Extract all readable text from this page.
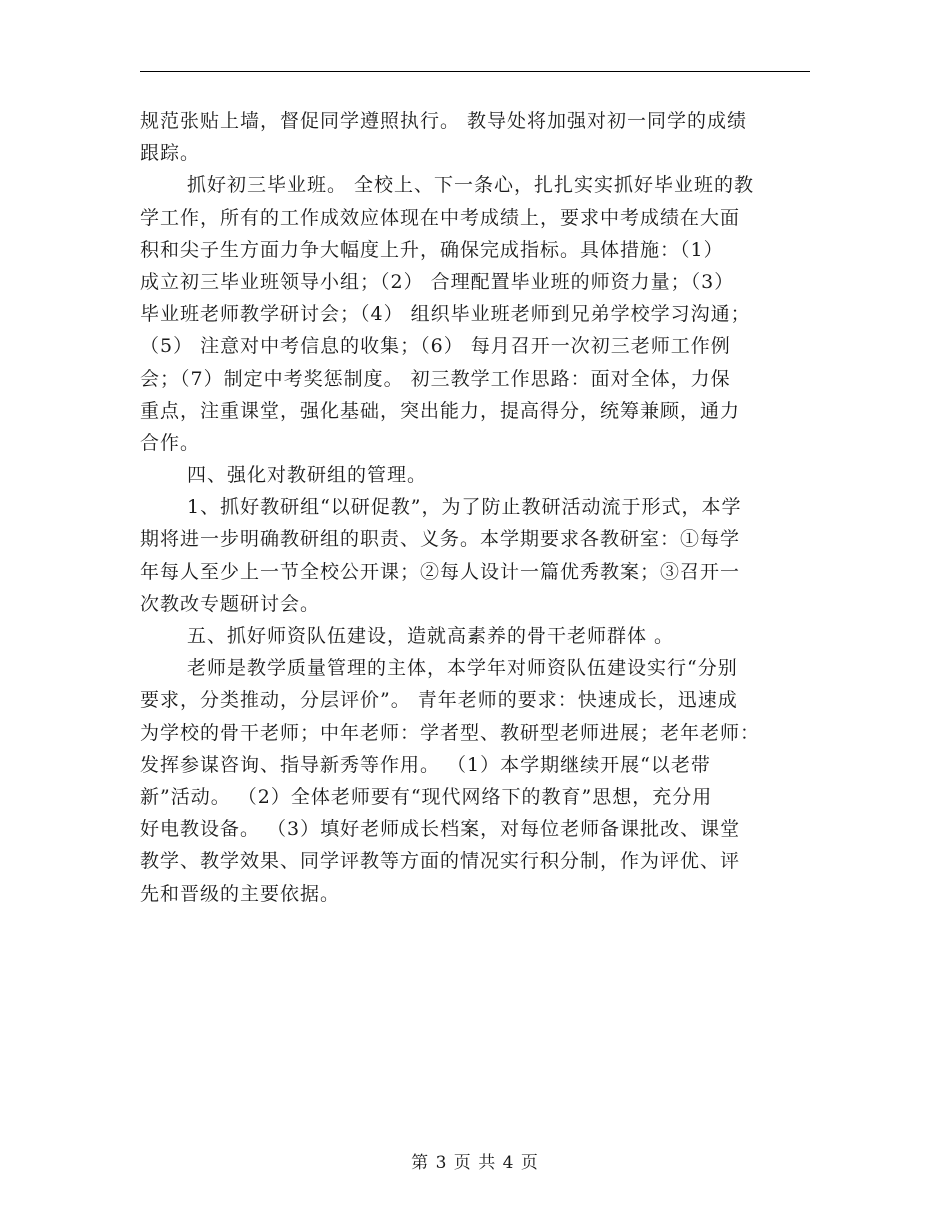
规范张贴上墙，督促同学遵照执行。 教导处将加强对初一同学的成绩
跟踪。
抓好初三毕业班。 全校上、下一条心，扎扎实实抓好毕业班的教
学工作，所有的工作成效应体现在中考成绩上，要求中考成绩在大面
积和尖子生方面力争大幅度上升，确保完成指标。具体措施：（1）
成立初三毕业班领导小组；（2） 合理配置毕业班的师资力量；（3）
毕业班老师教学研讨会；（4） 组织毕业班老师到兄弟学校学习沟通；
（5） 注意对中考信息的收集；（6） 每月召开一次初三老师工作例
会；（7）制定中考奖惩制度。 初三教学工作思路：面对全体，力保
重点，注重课堂，强化基础，突出能力，提高得分，统筹兼顾，通力
合作。
四、强化对教研组的管理。
1、抓好教研组“以研促教”，为了防止教研活动流于形式，本学
期将进一步明确教研组的职责、义务。本学期要求各教研室：①每学
年每人至少上一节全校公开课；②每人设计一篇优秀教案；③召开一
次教改专题研讨会。
五、抓好师资队伍建设，造就高素养的骨干老师群体 。
老师是教学质量管理的主体，本学年对师资队伍建设实行“分别
要求，分类推动，分层评价”。 青年老师的要求：快速成长，迅速成
为学校的骨干老师；中年老师：学者型、教研型老师进展；老年老师：
发挥参谋咨询、指导新秀等作用。 （1）本学期继续开展“以老带
新”活动。 （2）全体老师要有“现代网络下的教育”思想，充分用
好电教设备。 （3）填好老师成长档案，对每位老师备课批改、课堂
教学、教学效果、同学评教等方面的情况实行积分制，作为评优、评
先和晋级的主要依据。
第 3 页 共 4 页
